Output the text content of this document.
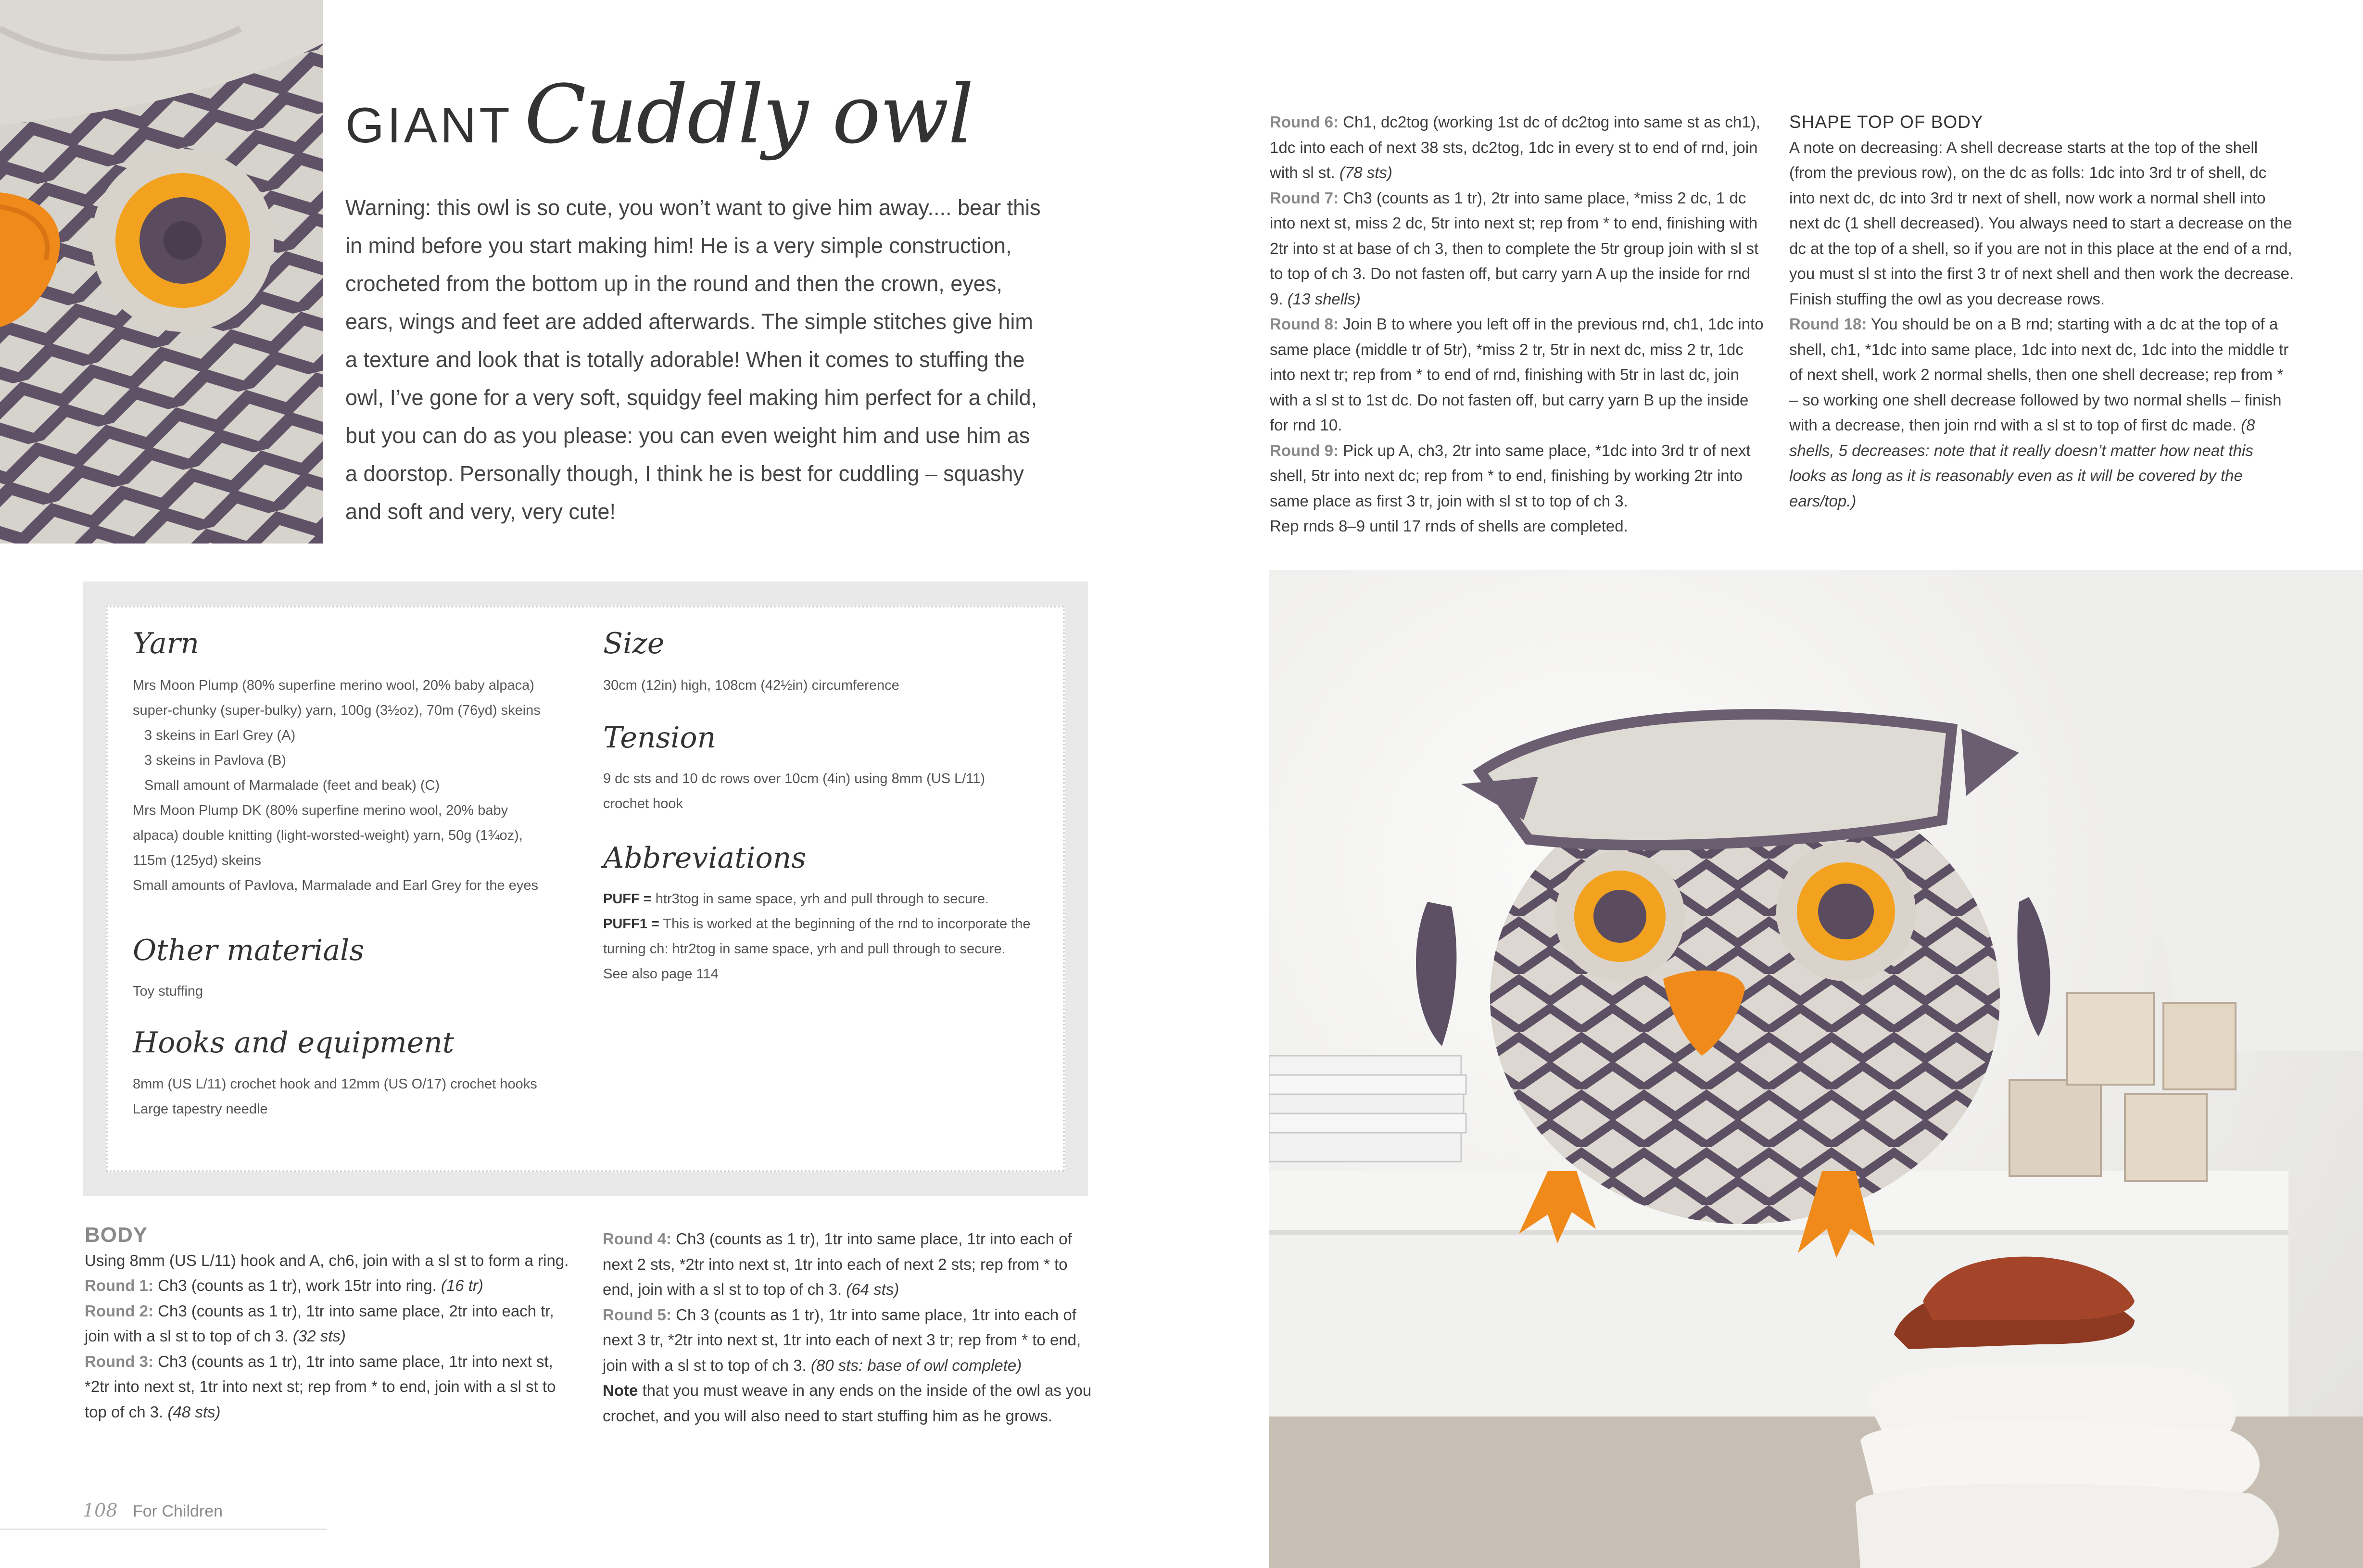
GIANT Cuddly owl
Warning: this owl is so cute, you won’t want to give him away.... bear this in mind before you start making him! He is a very simple construction, crocheted from the bottom up in the round and then the crown, eyes, ears, wings and feet are added afterwards. The simple stitches give him a texture and look that is totally adorable! When it comes to stuffing the owl, I’ve gone for a very soft, squidgy feel making him perfect for a child, but you can do as you please: you can even weight him and use him as a doorstop. Personally though, I think he is best for cuddling – squashy and soft and very, very cute!
Yarn
Mrs Moon Plump (80% superfine merino wool, 20% baby alpaca)
super-chunky (super-bulky) yarn, 100g (3½oz), 70m (76yd) skeins
3 skeins in Earl Grey (A)
3 skeins in Pavlova (B)
Small amount of Marmalade (feet and beak) (C)
Mrs Moon Plump DK (80% superfine merino wool, 20% baby
alpaca) double knitting (light-worsted-weight) yarn, 50g (1¾oz),
115m (125yd) skeins
Small amounts of Pavlova, Marmalade and Earl Grey for the eyes
Other materials
Toy stuffing
Hooks and equipment
8mm (US L/11) crochet hook and 12mm (US O/17) crochet hooks
Large tapestry needle
Size
30cm (12in) high, 108cm (42½in) circumference
Tension
9 dc sts and 10 dc rows over 10cm (4in) using 8mm (US L/11)
crochet hook
Abbreviations
PUFF = htr3tog in same space, yrh and pull through to secure.
PUFF1 = This is worked at the beginning of the rnd to incorporate the
turning ch: htr2tog in same space, yrh and pull through to secure.
See also page 114
BODY
Using 8mm (US L/11) hook and A, ch6, join with a sl st to form a ring.
Round 1: Ch3 (counts as 1 tr), work 15tr into ring. (16 tr)
Round 2: Ch3 (counts as 1 tr), 1tr into same place, 2tr into each tr, join with a sl st to top of ch 3. (32 sts)
Round 3: Ch3 (counts as 1 tr), 1tr into same place, 1tr into next st, *2tr into next st, 1tr into next st; rep from * to end, join with a sl st to top of ch 3. (48 sts)
Round 4: Ch3 (counts as 1 tr), 1tr into same place, 1tr into each of next 2 sts, *2tr into next st, 1tr into each of next 2 sts; rep from * to end, join with a sl st to top of ch 3. (64 sts)
Round 5: Ch 3 (counts as 1 tr), 1tr into same place, 1tr into each of next 3 tr, *2tr into next st, 1tr into each of next 3 tr; rep from * to end, join with a sl st to top of ch 3. (80 sts: base of owl complete)
Note that you must weave in any ends on the inside of the owl as you crochet, and you will also need to start stuffing him as he grows.
Round 6: Ch1, dc2tog (working 1st dc of dc2tog into same st as ch1), 1dc into each of next 38 sts, dc2tog, 1dc in every st to end of rnd, join with sl st. (78 sts)
Round 7: Ch3 (counts as 1 tr), 2tr into same place, *miss 2 dc, 1 dc into next st, miss 2 dc, 5tr into next st; rep from * to end, finishing with 2tr into st at base of ch 3, then to complete the 5tr group join with sl st to top of ch 3. Do not fasten off, but carry yarn A up the inside for rnd 9. (13 shells)
Round 8: Join B to where you left off in the previous rnd, ch1, 1dc into same place (middle tr of 5tr), *miss 2 tr, 5tr in next dc, miss 2 tr, 1dc into next tr; rep from * to end of rnd, finishing with 5tr in last dc, join with a sl st to 1st dc. Do not fasten off, but carry yarn B up the inside for rnd 10.
Round 9: Pick up A, ch3, 2tr into same place, *1dc into 3rd tr of next shell, 5tr into next dc; rep from * to end, finishing by working 2tr into same place as first 3 tr, join with sl st to top of ch 3.
Rep rnds 8–9 until 17 rnds of shells are completed.
SHAPE TOP OF BODY
A note on decreasing: A shell decrease starts at the top of the shell (from the previous row), on the dc as folls: 1dc into 3rd tr of shell, dc into next dc, dc into 3rd tr next of shell, now work a normal shell into next dc (1 shell decreased). You always need to start a decrease on the dc at the top of a shell, so if you are not in this place at the end of a rnd, you must sl st into the first 3 tr of next shell and then work the decrease.
Finish stuffing the owl as you decrease rows.
Round 18: You should be on a B rnd; starting with a dc at the top of a shell, ch1, *1dc into same place, 1dc into next dc, 1dc into the middle tr of next shell, work 2 normal shells, then one shell decrease; rep from * – so working one shell decrease followed by two normal shells – finish with a decrease, then join rnd with a sl st to top of first dc made. (8 shells, 5 decreases: note that it really doesn’t matter how neat this looks as long as it is reasonably even as it will be covered by the ears/top.)
108 For Children
